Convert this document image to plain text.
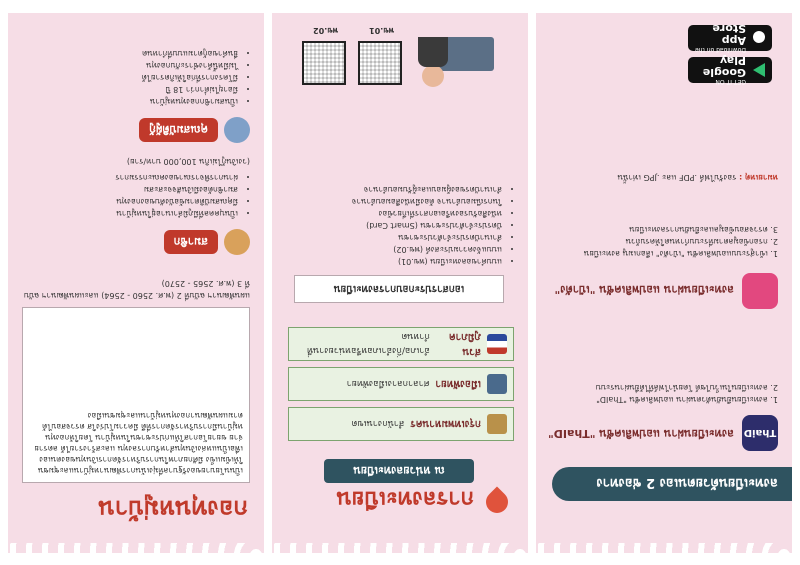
ลงทะเบียนด้วยตนเอง 2 ช่องทาง
ThaiD
ลงทะเบียนผ่าน แอปพลิเคชัน "ThaID"
1. ลงทะเบียนยืนยันตัวตนผ่าน แอปพลิเคชัน "ThaID"
2. ลงทะเบียนในเว็บไซต์ โดยนำไฟล์ที่ได้ยื่นผ่านระบบ
ลงทะเบียนผ่าน แอปพลิเคชัน "เป๋าตัง"
1. เข้าสู่ระบบแอปพลิเคชัน "เป๋าตัง" เลือกเมนู ลงทะเบียน
2. กรอกข้อมูลตามที่ระบบกำหนดให้ครบถ้วน
3. ตรวจสอบข้อมูลและยืนยันการลงทะเบียน
หมายเหตุ : รองรับไฟล์ .PDF และ .JPG เท่านั้น
GET IT ON
Google Play
Download on the
App Store
การลงทะเบียน
ณ หน่วยลงทะเบียน
กรุงเทพมหานคร
สำนักงานเขต
เมืองพัทยา
ศาลากลางเมืองพัทยา
ส่วนภูมิภาค
อำเภอ/กิ่งอำเภอหรือหน่วยงานที่กำหนด
เอกสารประกอบการลงทะเบียน
• แบบคำขอลงทะเบียน (พข.01)
• แบบแจ้งความประสงค์ (พข.02)
• สำเนาบัตรประจำตัวประชาชน
• บัตรประจำตัวประชาชน (Smart Card)
• หนังสือรับรองหรือเอกสารที่เกี่ยวข้อง
• ในกรณีมอบอำนาจ ต้องมีหนังสือมอบอำนาจ
• สำเนาบัตรของผู้มอบและผู้รับมอบอำนาจ
พข.01
พข.02
กองทุนหมู่บ้าน
เป็นนโยบายของรัฐบาลที่มุ่งเน้นการพัฒนาหมู่บ้านและชุมชนให้เข้มแข็ง มีศักยภาพในการบริหารจัดการเงินทุนของตนเอง เพื่อเป็นแหล่งเงินทุนสำหรับการลงทุน และสร้างรายได้ ลดรายจ่าย ขยายโอกาสให้แก่ประชาชนในหมู่บ้าน โดยให้กองทุนหมู่บ้านมีการบริหารจัดการที่ดี มีความโปร่งใส ตรวจสอบได้ ตามแผนพัฒนากองทุนหมู่บ้านและชุมชนเมือง
แผนพัฒนาฯ ฉบับที่ 2 (พ.ศ. 2560 - 2564) และแผนพัฒนาฯ ฉบับที่ 3 (พ.ศ. 2565 - 2570)
สมาชิก
• เป็นบุคคลที่มีภูมิลำเนาอยู่ในหมู่บ้าน
• มีคุณสมบัติตามข้อบังคับของกองทุน
• สมาชิกต้องมีเงินสัจจะสะสม
• ผ่านการพิจารณาของคณะกรรมการ
(วงเงินกู้ไม่เกิน 100,000 บาท/ราย)
คุณสมบัติผู้กู้
• เป็นสมาชิกกองทุนหมู่บ้าน
• มีอายุไม่ต่ำกว่า 18 ปี
• มีโครงการที่ก่อให้เกิดรายได้
• ไม่มีหนี้ค้างชำระกับกองทุน
• ยื่นคำขอกู้ตามแบบที่กำหนด
